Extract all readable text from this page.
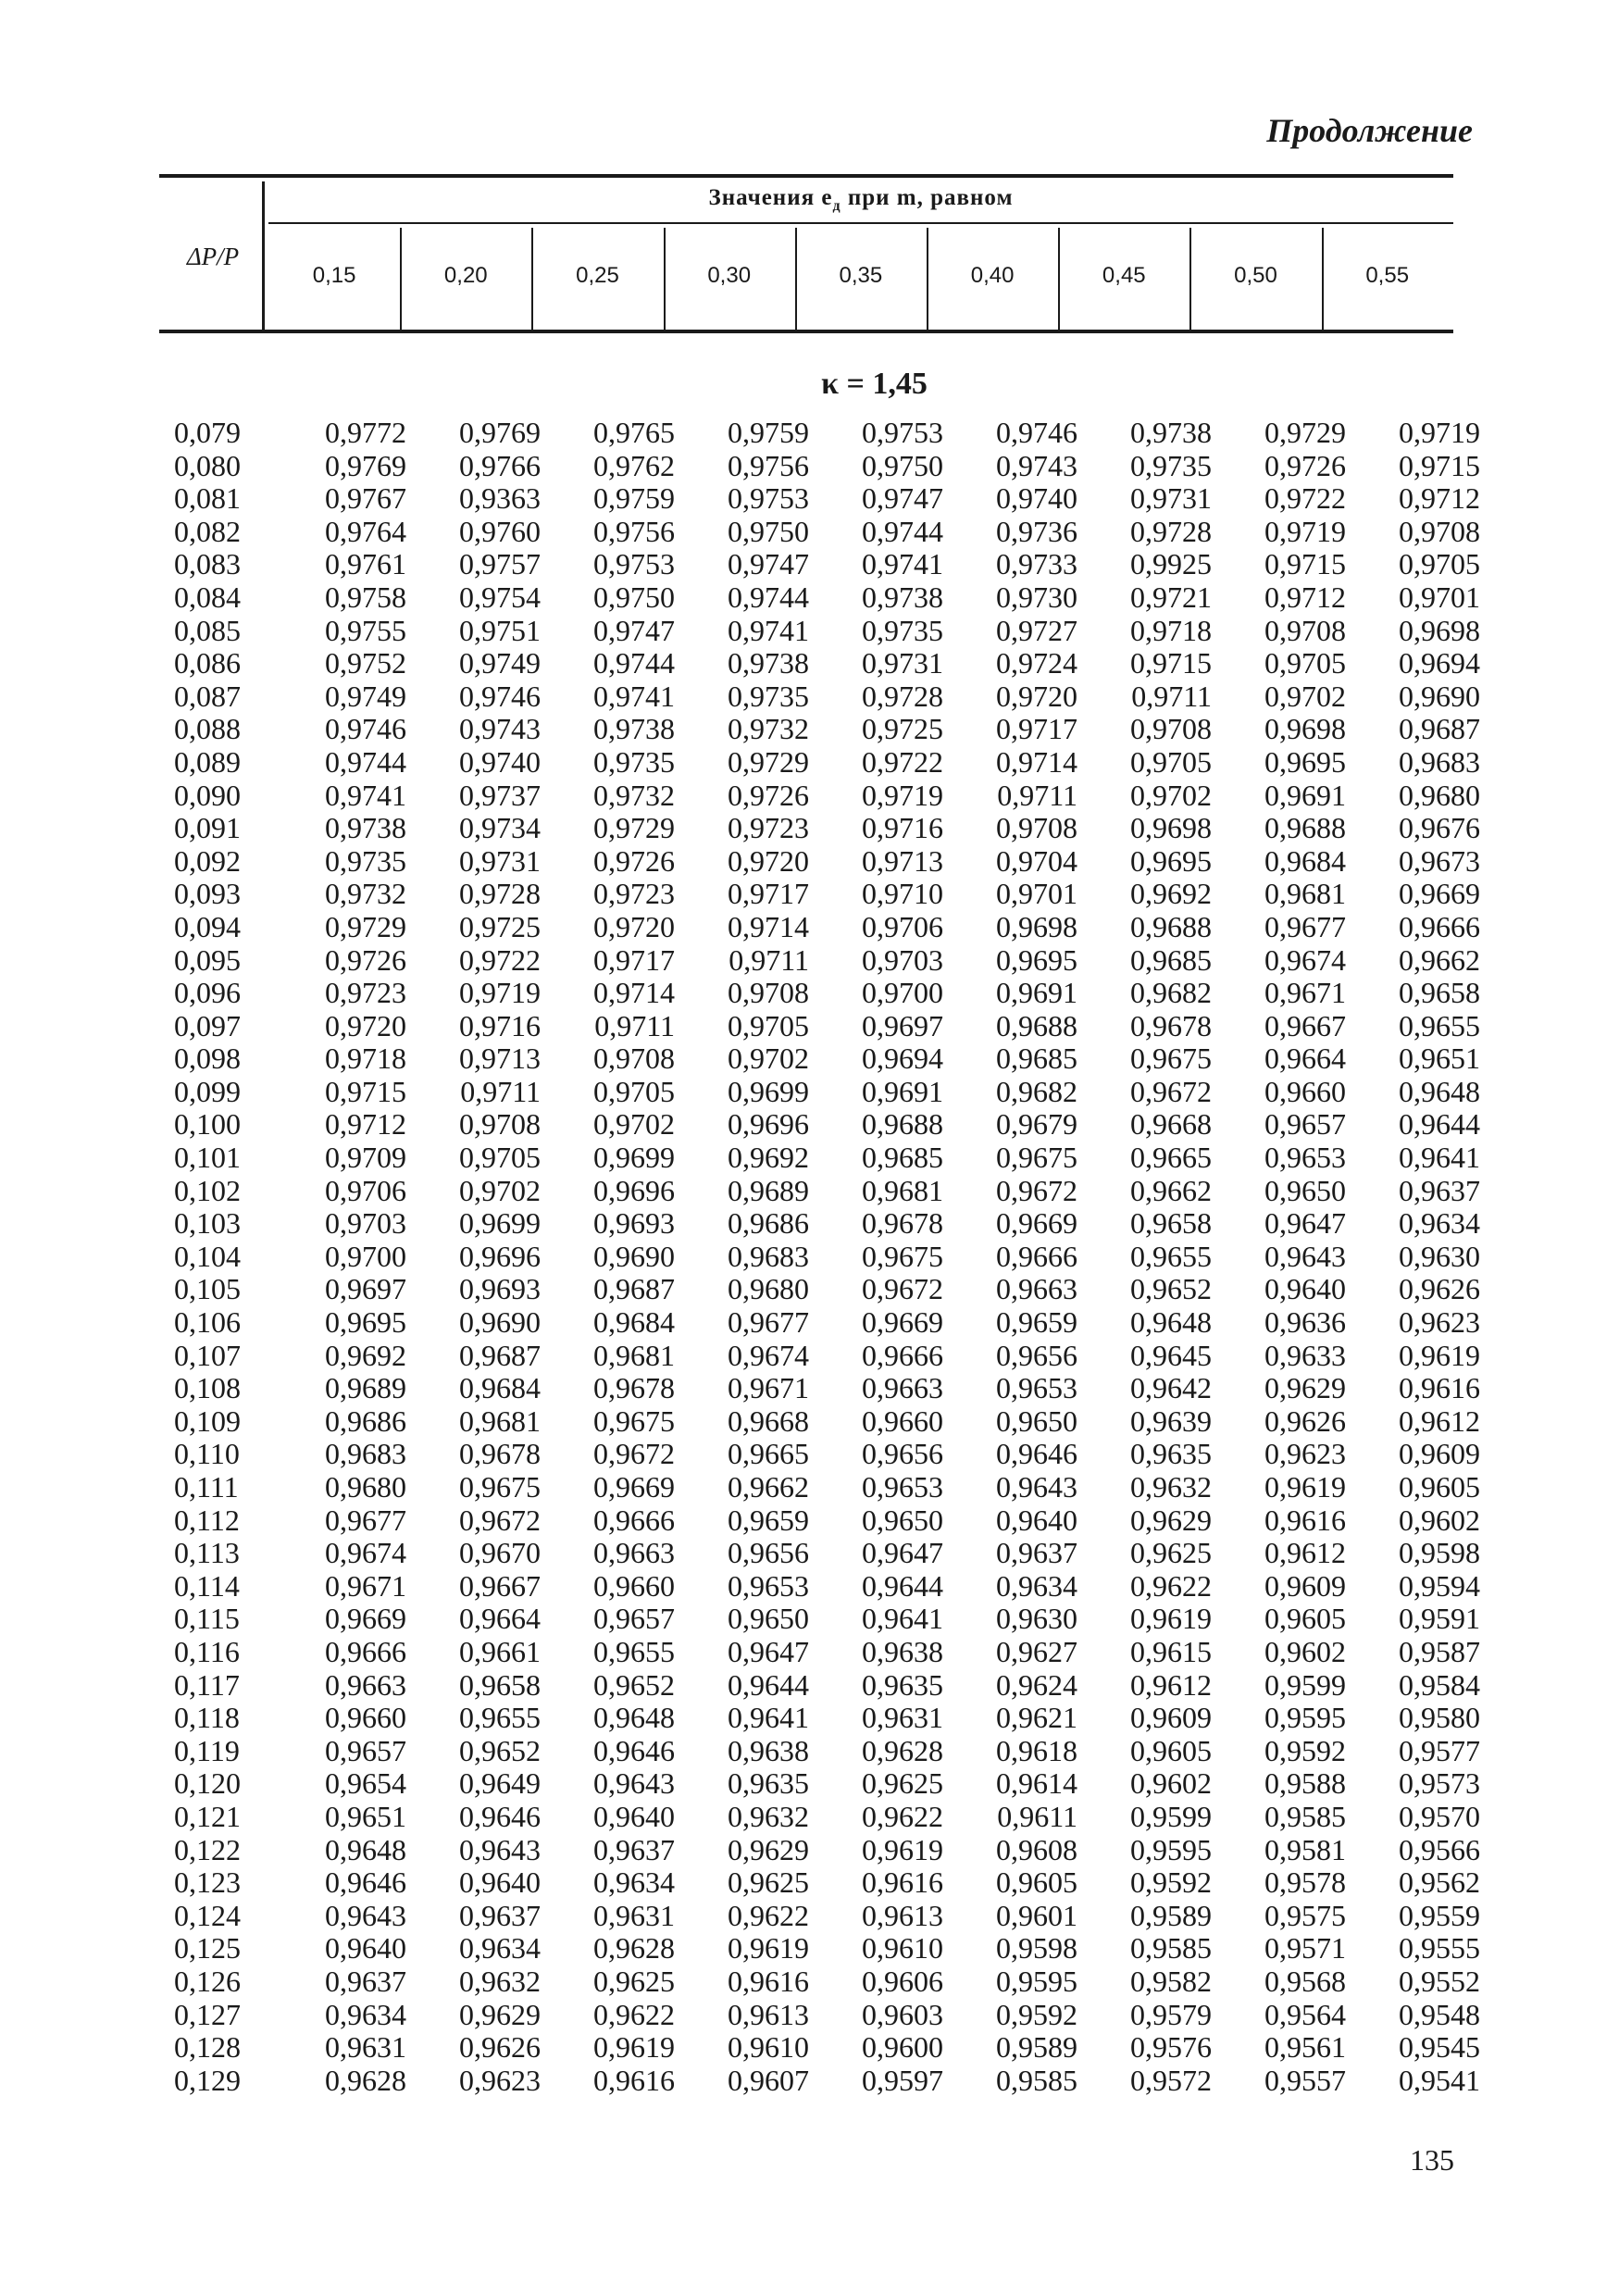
Продолжение
ΔP/P
Значения $e_д$ при m, равном
0,15	0,20	0,25	0,30	0,35	0,40	0,45	0,50	0,55
κ = 1,45
0,079	0,9772	0,9769	0,9765	0,9759	0,9753	0,9746	0,9738	0,9729	0,9719
0,080	0,9769	0,9766	0,9762	0,9756	0,9750	0,9743	0,9735	0,9726	0,9715
0,081	0,9767	0,9363	0,9759	0,9753	0,9747	0,9740	0,9731	0,9722	0,9712
0,082	0,9764	0,9760	0,9756	0,9750	0,9744	0,9736	0,9728	0,9719	0,9708
0,083	0,9761	0,9757	0,9753	0,9747	0,9741	0,9733	0,9925	0,9715	0,9705
0,084	0,9758	0,9754	0,9750	0,9744	0,9738	0,9730	0,9721	0,9712	0,9701
0,085	0,9755	0,9751	0,9747	0,9741	0,9735	0,9727	0,9718	0,9708	0,9698
0,086	0,9752	0,9749	0,9744	0,9738	0,9731	0,9724	0,9715	0,9705	0,9694
0,087	0,9749	0,9746	0,9741	0,9735	0,9728	0,9720	0,9711	0,9702	0,9690
0,088	0,9746	0,9743	0,9738	0,9732	0,9725	0,9717	0,9708	0,9698	0,9687
0,089	0,9744	0,9740	0,9735	0,9729	0,9722	0,9714	0,9705	0,9695	0,9683
0,090	0,9741	0,9737	0,9732	0,9726	0,9719	0,9711	0,9702	0,9691	0,9680
0,091	0,9738	0,9734	0,9729	0,9723	0,9716	0,9708	0,9698	0,9688	0,9676
0,092	0,9735	0,9731	0,9726	0,9720	0,9713	0,9704	0,9695	0,9684	0,9673
0,093	0,9732	0,9728	0,9723	0,9717	0,9710	0,9701	0,9692	0,9681	0,9669
0,094	0,9729	0,9725	0,9720	0,9714	0,9706	0,9698	0,9688	0,9677	0,9666
0,095	0,9726	0,9722	0,9717	0,9711	0,9703	0,9695	0,9685	0,9674	0,9662
0,096	0,9723	0,9719	0,9714	0,9708	0,9700	0,9691	0,9682	0,9671	0,9658
0,097	0,9720	0,9716	0,9711	0,9705	0,9697	0,9688	0,9678	0,9667	0,9655
0,098	0,9718	0,9713	0,9708	0,9702	0,9694	0,9685	0,9675	0,9664	0,9651
0,099	0,9715	0,9711	0,9705	0,9699	0,9691	0,9682	0,9672	0,9660	0,9648
0,100	0,9712	0,9708	0,9702	0,9696	0,9688	0,9679	0,9668	0,9657	0,9644
0,101	0,9709	0,9705	0,9699	0,9692	0,9685	0,9675	0,9665	0,9653	0,9641
0,102	0,9706	0,9702	0,9696	0,9689	0,9681	0,9672	0,9662	0,9650	0,9637
0,103	0,9703	0,9699	0,9693	0,9686	0,9678	0,9669	0,9658	0,9647	0,9634
0,104	0,9700	0,9696	0,9690	0,9683	0,9675	0,9666	0,9655	0,9643	0,9630
0,105	0,9697	0,9693	0,9687	0,9680	0,9672	0,9663	0,9652	0,9640	0,9626
0,106	0,9695	0,9690	0,9684	0,9677	0,9669	0,9659	0,9648	0,9636	0,9623
0,107	0,9692	0,9687	0,9681	0,9674	0,9666	0,9656	0,9645	0,9633	0,9619
0,108	0,9689	0,9684	0,9678	0,9671	0,9663	0,9653	0,9642	0,9629	0,9616
0,109	0,9686	0,9681	0,9675	0,9668	0,9660	0,9650	0,9639	0,9626	0,9612
0,110	0,9683	0,9678	0,9672	0,9665	0,9656	0,9646	0,9635	0,9623	0,9609
0,111	0,9680	0,9675	0,9669	0,9662	0,9653	0,9643	0,9632	0,9619	0,9605
0,112	0,9677	0,9672	0,9666	0,9659	0,9650	0,9640	0,9629	0,9616	0,9602
0,113	0,9674	0,9670	0,9663	0,9656	0,9647	0,9637	0,9625	0,9612	0,9598
0,114	0,9671	0,9667	0,9660	0,9653	0,9644	0,9634	0,9622	0,9609	0,9594
0,115	0,9669	0,9664	0,9657	0,9650	0,9641	0,9630	0,9619	0,9605	0,9591
0,116	0,9666	0,9661	0,9655	0,9647	0,9638	0,9627	0,9615	0,9602	0,9587
0,117	0,9663	0,9658	0,9652	0,9644	0,9635	0,9624	0,9612	0,9599	0,9584
0,118	0,9660	0,9655	0,9648	0,9641	0,9631	0,9621	0,9609	0,9595	0,9580
0,119	0,9657	0,9652	0,9646	0,9638	0,9628	0,9618	0,9605	0,9592	0,9577
0,120	0,9654	0,9649	0,9643	0,9635	0,9625	0,9614	0,9602	0,9588	0,9573
0,121	0,9651	0,9646	0,9640	0,9632	0,9622	0,9611	0,9599	0,9585	0,9570
0,122	0,9648	0,9643	0,9637	0,9629	0,9619	0,9608	0,9595	0,9581	0,9566
0,123	0,9646	0,9640	0,9634	0,9625	0,9616	0,9605	0,9592	0,9578	0,9562
0,124	0,9643	0,9637	0,9631	0,9622	0,9613	0,9601	0,9589	0,9575	0,9559
0,125	0,9640	0,9634	0,9628	0,9619	0,9610	0,9598	0,9585	0,9571	0,9555
0,126	0,9637	0,9632	0,9625	0,9616	0,9606	0,9595	0,9582	0,9568	0,9552
0,127	0,9634	0,9629	0,9622	0,9613	0,9603	0,9592	0,9579	0,9564	0,9548
0,128	0,9631	0,9626	0,9619	0,9610	0,9600	0,9589	0,9576	0,9561	0,9545
0,129	0,9628	0,9623	0,9616	0,9607	0,9597	0,9585	0,9572	0,9557	0,9541
135
